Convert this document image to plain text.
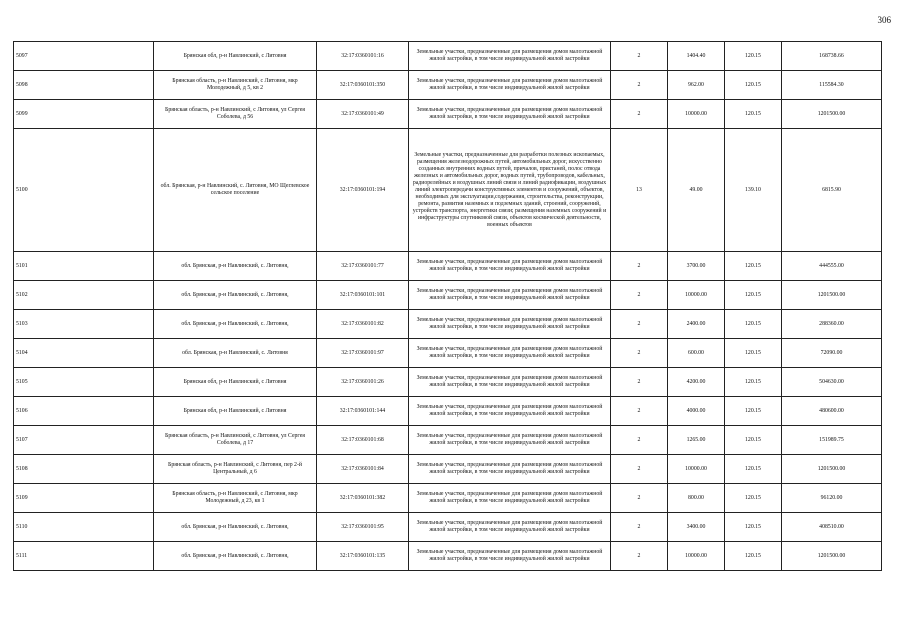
306
5097	Брянская обл, р-н Навлинский, с Литовня	32:17:0360101:16	Земельные участки, предназначенные для размещения домов малоэтажной жилой застройки, в том числе индивидуальной жилой застройки	2	1404.40	120.15	168738.66
5098	Брянская область, р-н Навлинский, с Литовня, мкр Молодежный, д 5, кв 2	32:17:0360101:350	Земельные участки, предназначенные для размещения домов малоэтажной жилой застройки, в том числе индивидуальной жилой застройки	2	962.00	120.15	115584.30
5099	Брянская область, р-н Навлинский, с Литовня, ул Сергея Соболева, д 56	32:17:0360101:49	Земельные участки, предназначенные для размещения домов малоэтажной жилой застройки, в том числе индивидуальной жилой застройки	2	10000.00	120.15	1201500.00
5100	обл. Брянская, р-н Навлинский, с. Литовня, МО Щеглевское сельское поселение	32:17:0360101:194	Земельные участки, предназначенные для разработки полезных ископаемых, размещения железнодорожных путей, автомобильных дорог, искусственно созданных внутренних водных путей, причалов, пристаней, полос отвода железных и автомобильных дорог, водных путей, трубопроводов, кабельных, радиорелейных и воздушных линий связи и линий радиофикации, воздушных линий электропередачи конструктивных элементов и сооружений, объектов, необходимых для эксплуатации,содержания, строительства, реконструкции, ремонта, развития наземных и подземных зданий, строений, сооружений, устройств транспорта, энергетики связи; размещения наземных сооружений и инфраструктуры спутниковой связи, объектов космической деятельности, военных объектов	13	49.00	139.10	6815.90
5101	обл. Брянская, р-н Навлинский, с. Литовня,	32:17:0360101:77	Земельные участки, предназначенные для размещения домов малоэтажной жилой застройки, в том числе индивидуальной жилой застройки	2	3700.00	120.15	444555.00
5102	обл. Брянская, р-н Навлинский, с. Литовня,	32:17:0360101:101	Земельные участки, предназначенные для размещения домов малоэтажной жилой застройки, в том числе индивидуальной жилой застройки	2	10000.00	120.15	1201500.00
5103	обл. Брянская, р-н Навлинский, с. Литовня,	32:17:0360101:82	Земельные участки, предназначенные для размещения домов малоэтажной жилой застройки, в том числе индивидуальной жилой застройки	2	2400.00	120.15	288360.00
5104	обл. Брянская, р-н Навлинский, с. Литовня	32:17:0360101:97	Земельные участки, предназначенные для размещения домов малоэтажной жилой застройки, в том числе индивидуальной жилой застройки	2	600.00	120.15	72090.00
5105	Брянская обл, р-н Навлинский, с Литовня	32:17:0360101:26	Земельные участки, предназначенные для размещения домов малоэтажной жилой застройки, в том числе индивидуальной жилой застройки	2	4200.00	120.15	504630.00
5106	Брянская обл, р-н Навлинский, с Литовня	32:17:0360101:144	Земельные участки, предназначенные для размещения домов малоэтажной жилой застройки, в том числе индивидуальной жилой застройки	2	4000.00	120.15	480600.00
5107	Брянская область, р-н Навлинский, с Литовня, ул Сергея Соболева, д 17	32:17:0360101:68	Земельные участки, предназначенные для размещения домов малоэтажной жилой застройки, в том числе индивидуальной жилой застройки	2	1265.00	120.15	151989.75
5108	Брянская область, р-н Навлинский, с Литовня, пер 2-й Центральный, д 6	32:17:0360101:84	Земельные участки, предназначенные для размещения домов малоэтажной жилой застройки, в том числе индивидуальной жилой застройки	2	10000.00	120.15	1201500.00
5109	Брянская область, р-н Навлинский, с Литовня, мкр Молодежный, д 23, кв 1	32:17:0360101:382	Земельные участки, предназначенные для размещения домов малоэтажной жилой застройки, в том числе индивидуальной жилой застройки	2	800.00	120.15	96120.00
5110	обл. Брянская, р-н Навлинский, с. Литовня,	32:17:0360101:95	Земельные участки, предназначенные для размещения домов малоэтажной жилой застройки, в том числе индивидуальной жилой застройки	2	3400.00	120.15	408510.00
5111	обл. Брянская, р-н Навлинский, с. Литовня,	32:17:0360101:135	Земельные участки, предназначенные для размещения домов малоэтажной жилой застройки, в том числе индивидуальной жилой застройки	2	10000.00	120.15	1201500.00
